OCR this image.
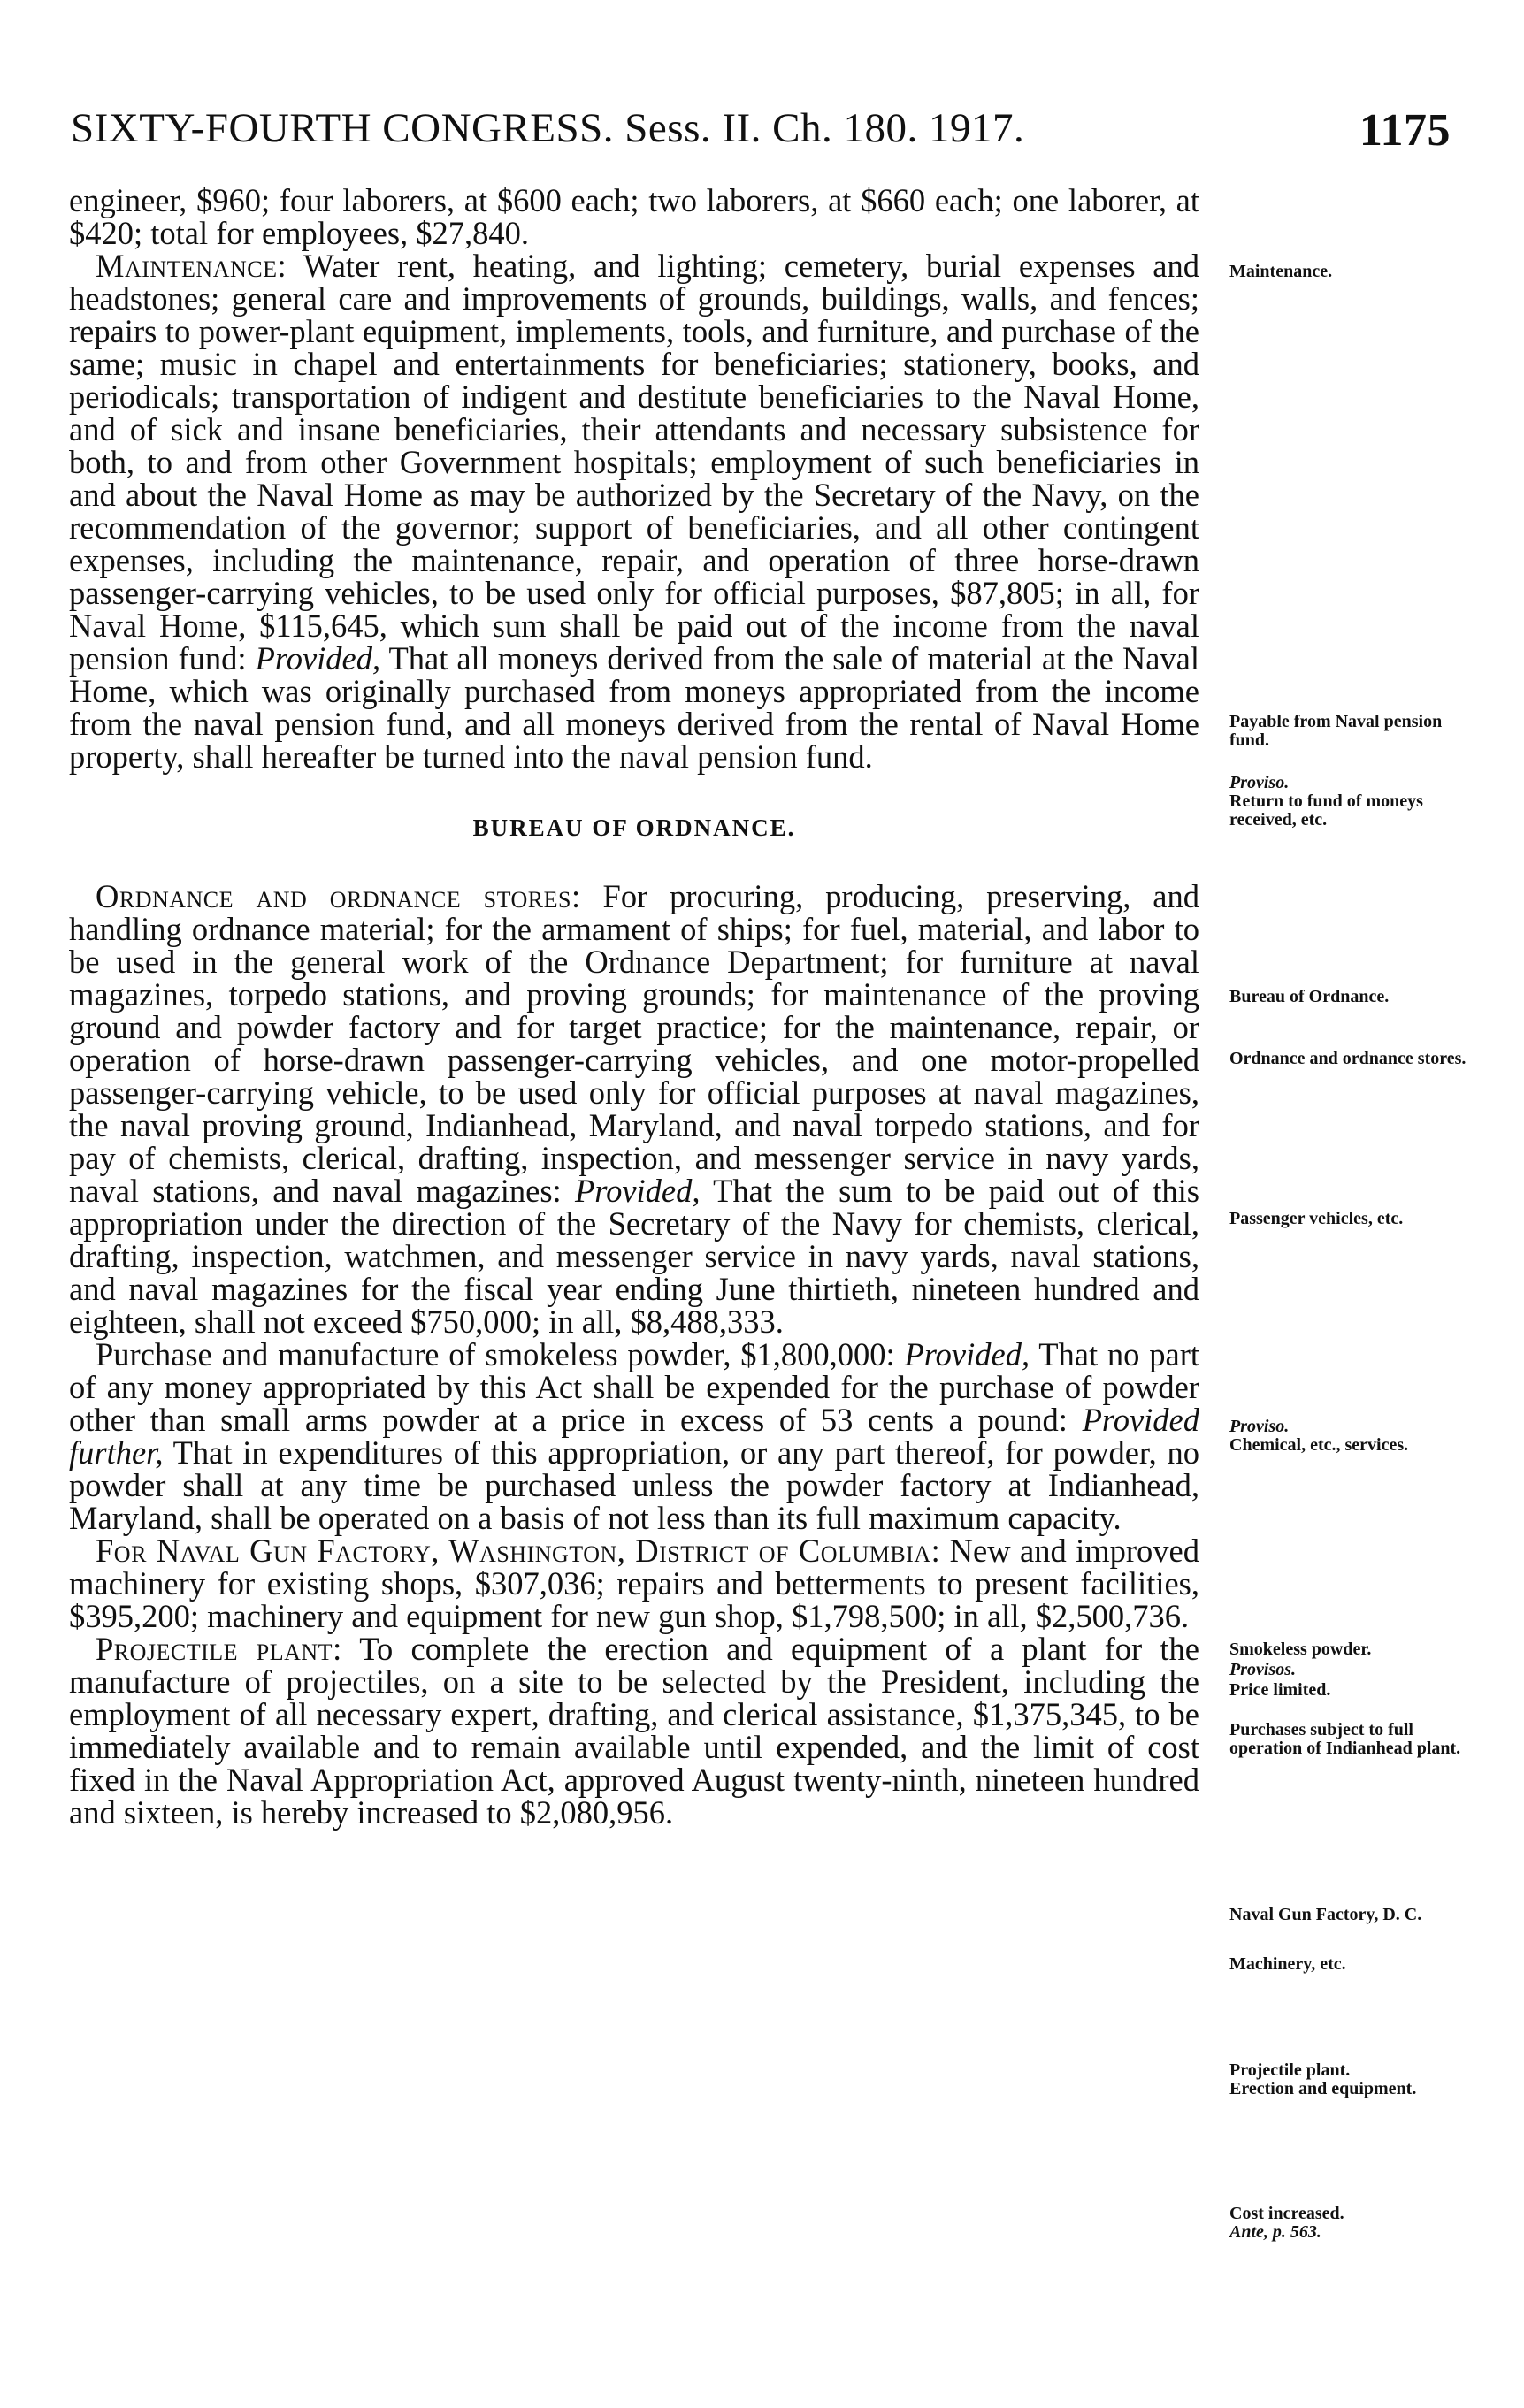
SIXTY-FOURTH CONGRESS. Sess. II. Ch. 180. 1917.	1175

engineer, $960; four laborers, at $600 each; two laborers, at $660 each; one laborer, at $420; total for employees, $27,840.

Maintenance: Water rent, heating, and lighting; cemetery, burial expenses and headstones; general care and improvements of grounds, buildings, walls, and fences; repairs to power-plant equipment, implements, tools, and furniture, and purchase of the same; music in chapel and entertainments for beneficiaries; stationery, books, and periodicals; transportation of indigent and destitute beneficiaries to the Naval Home, and of sick and insane beneficiaries, their attendants and necessary subsistence for both, to and from other Government hospitals; employment of such beneficiaries in and about the Naval Home as may be authorized by the Secretary of the Navy, on the recommendation of the governor; support of beneficiaries, and all other contingent expenses, including the maintenance, repair, and operation of three horse-drawn passenger-carrying vehicles, to be used only for official purposes, $87,805; in all, for Naval Home, $115,645, which sum shall be paid out of the income from the naval pension fund: Provided, That all moneys derived from the sale of material at the Naval Home, which was originally purchased from moneys appropriated from the income from the naval pension fund, and all moneys derived from the rental of Naval Home property, shall hereafter be turned into the naval pension fund.

BUREAU OF ORDNANCE.

Ordnance and ordnance stores: For procuring, producing, preserving, and handling ordnance material; for the armament of ships; for fuel, material, and labor to be used in the general work of the Ordnance Department; for furniture at naval magazines, torpedo stations, and proving grounds; for maintenance of the proving ground and powder factory and for target practice; for the maintenance, repair, or operation of horse-drawn passenger-carrying vehicles, and one motor-propelled passenger-carrying vehicle, to be used only for official purposes at naval magazines, the naval proving ground, Indianhead, Maryland, and naval torpedo stations, and for pay of chemists, clerical, drafting, inspection, and messenger service in navy yards, naval stations, and naval magazines: Provided, That the sum to be paid out of this appropriation under the direction of the Secretary of the Navy for chemists, clerical, drafting, inspection, watchmen, and messenger service in navy yards, naval stations, and naval magazines for the fiscal year ending June thirtieth, nineteen hundred and eighteen, shall not exceed $750,000; in all, $8,488,333.

Purchase and manufacture of smokeless powder, $1,800,000: Provided, That no part of any money appropriated by this Act shall be expended for the purchase of powder other than small arms powder at a price in excess of 53 cents a pound: Provided further, That in expenditures of this appropriation, or any part thereof, for powder, no powder shall at any time be purchased unless the powder factory at Indianhead, Maryland, shall be operated on a basis of not less than its full maximum capacity.

For Naval Gun Factory, Washington, District of Columbia: New and improved machinery for existing shops, $307,036; repairs and betterments to present facilities, $395,200; machinery and equipment for new gun shop, $1,798,500; in all, $2,500,736.

Projectile plant: To complete the erection and equipment of a plant for the manufacture of projectiles, on a site to be selected by the President, including the employment of all necessary expert, drafting, and clerical assistance, $1,375,345, to be immediately available and to remain available until expended, and the limit of cost fixed in the Naval Appropriation Act, approved August twenty-ninth, nineteen hundred and sixteen, is hereby increased to $2,080,956.

Maintenance.
Payable from Naval pension fund.
Proviso.
Return to fund of moneys received, etc.
Bureau of Ordnance.
Ordnance and ordnance stores.
Passenger vehicles, etc.
Proviso.
Chemical, etc., services.
Smokeless powder.
Provisos.
Price limited.
Purchases subject to full operation of Indianhead plant.
Naval Gun Factory, D. C.
Machinery, etc.
Projectile plant.
Erection and equipment.
Cost increased.
Ante, p. 563.
